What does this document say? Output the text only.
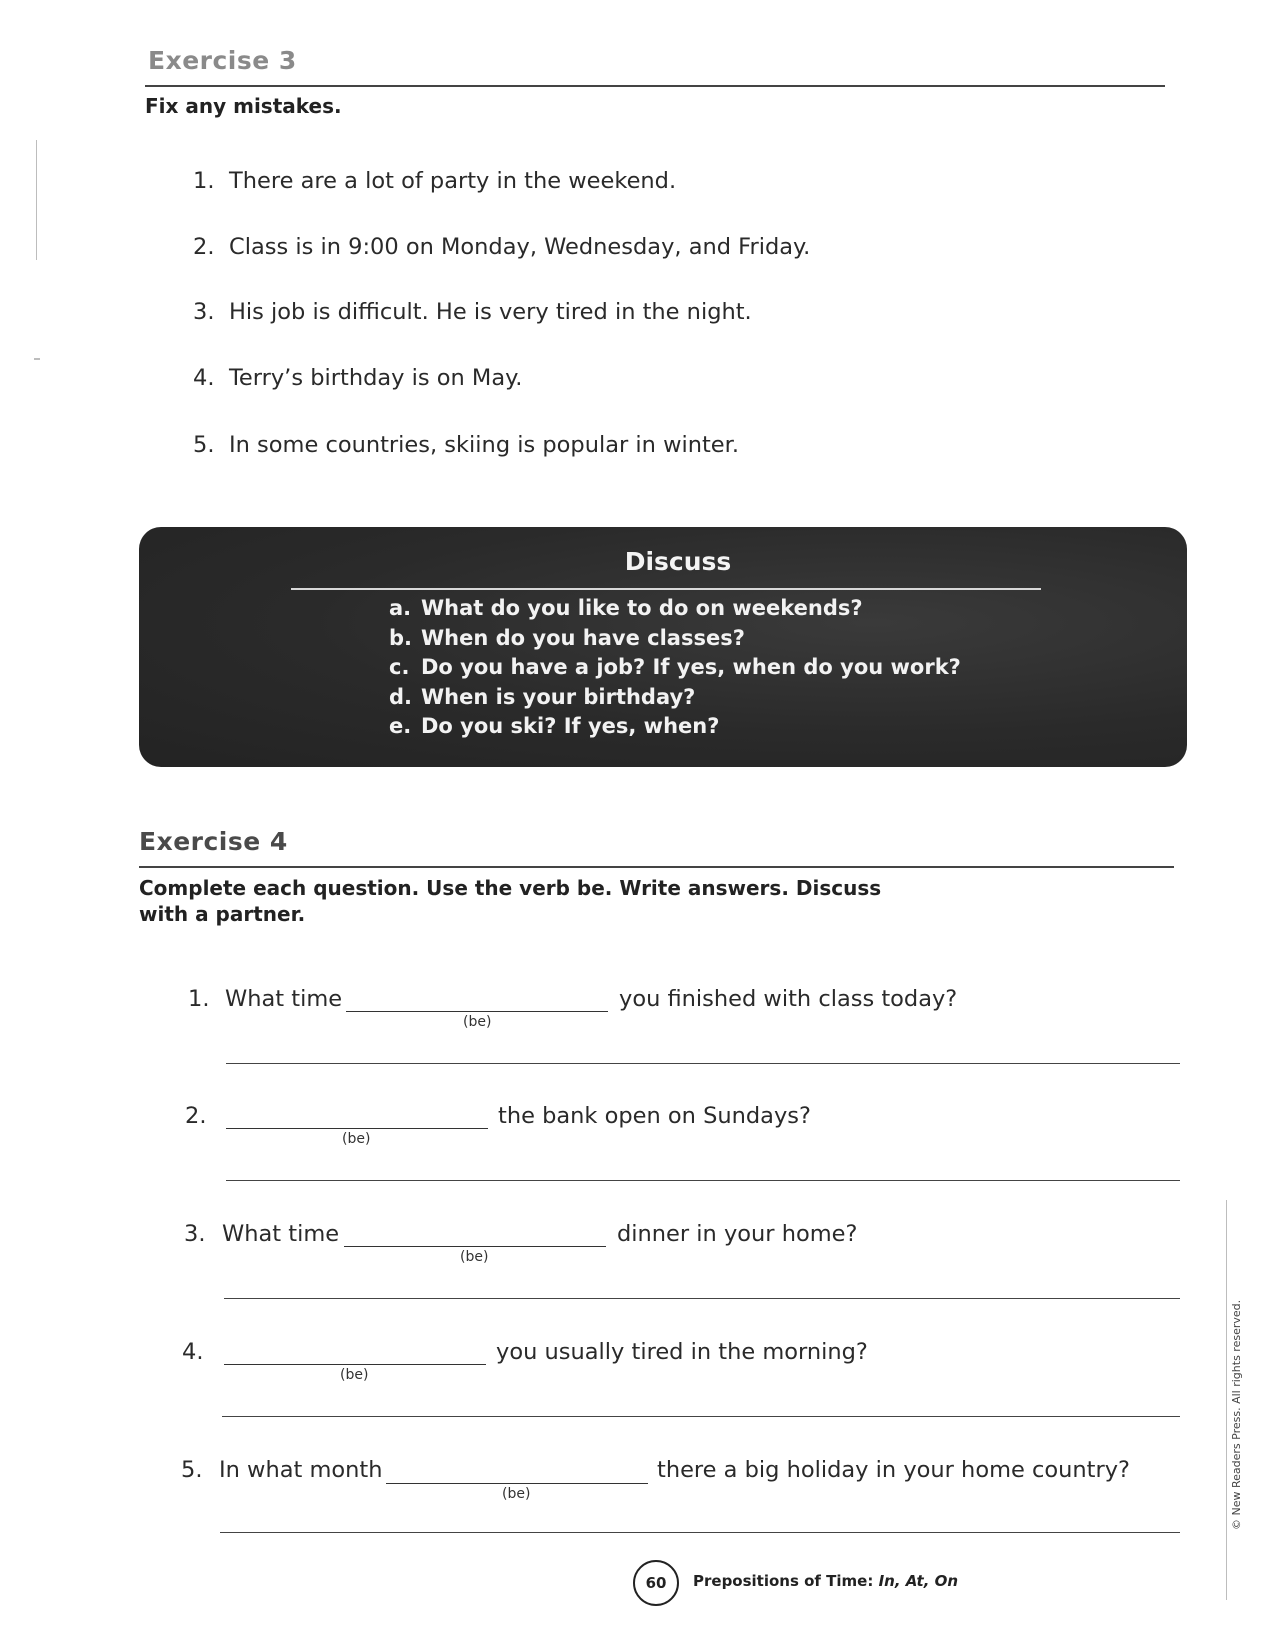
Exercise 3
Fix any mistakes.
1. There are a lot of party in the weekend.
2. Class is in 9:00 on Monday, Wednesday, and Friday.
3. His job is difficult. He is very tired in the night.
4. Terry’s birthday is on May.
5. In some countries, skiing is popular in winter.
Discuss
a. What do you like to do on weekends?
b. When do you have classes?
c. Do you have a job? If yes, when do you work?
d. When is your birthday?
e. Do you ski? If yes, when?
Exercise 4
Complete each question. Use the verb be. Write answers. Discuss
with a partner.
1. What time
(be)
you finished with class today?
2.
(be)
the bank open on Sundays?
3. What time
(be)
dinner in your home?
4.
(be)
you usually tired in the morning?
5. In what month
(be)
there a big holiday in your home country?
60 Prepositions of Time: In, At, On
© New Readers Press. All rights reserved.
